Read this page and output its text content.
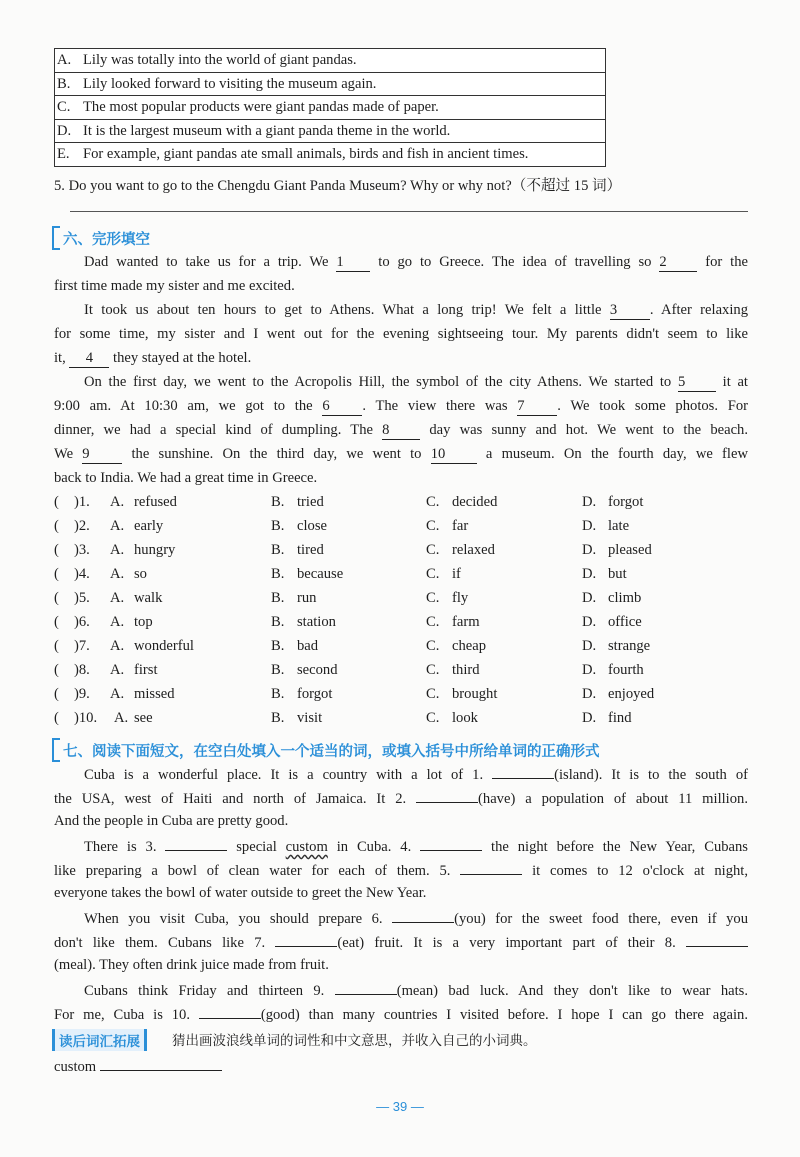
A. Lily was totally into the world of giant pandas.
B. Lily looked forward to visiting the museum again.
C. The most popular products were giant pandas made of paper.
D. It is the largest museum with a giant panda theme in the world.
E. For example, giant pandas ate small animals, birds and fish in ancient times.
5. Do you want to go to the Chengdu Giant Panda Museum? Why or why not?（不超过 15 词）
六、完形填空
Dad wanted to take us for a trip. We 1 to go to Greece. The idea of travelling so 2 for the
first time made my sister and me excited.
It took us about ten hours to get to Athens. What a long trip! We felt a little 3 . After relaxing
for some time, my sister and I went out for the evening sightseeing tour. My parents didn't seem to like
it, 4 they stayed at the hotel.
On the first day, we went to the Acropolis Hill, the symbol of the city Athens. We started to 5 it at
9:00 am. At 10:30 am, we got to the 6 . The view there was 7 . We took some photos. For
dinner, we had a special kind of dumpling. The 8 day was sunny and hot. We went to the beach.
We 9 the sunshine. On the third day, we went to 10 a museum. On the fourth day, we flew
back to India. We had a great time in Greece.
( )1. A. refused	B. tried	C. decided	D. forgot
( )2. A. early	B. close	C. far	D. late
( )3. A. hungry	B. tired	C. relaxed	D. pleased
( )4. A. so	B. because	C. if	D. but
( )5. A. walk	B. run	C. fly	D. climb
( )6. A. top	B. station	C. farm	D. office
( )7. A. wonderful	B. bad	C. cheap	D. strange
( )8. A. first	B. second	C. third	D. fourth
( )9. A. missed	B. forgot	C. brought	D. enjoyed
( )10. A. see	B. visit	C. look	D. find
七、阅读下面短文，在空白处填入一个适当的词，或填入括号中所给单词的正确形式
Cuba is a wonderful place. It is a country with a lot of 1.	(island). It is to the south of
the USA, west of Haiti and north of Jamaica. It 2.	(have) a population of about 11 million.
And the people in Cuba are pretty good.
There is 3.	special custom in Cuba. 4.	the night before the New Year, Cubans
like preparing a bowl of clean water for each of them. 5.	it comes to 12 o'clock at night,
everyone takes the bowl of water outside to greet the New Year.
When you visit Cuba, you should prepare 6.	(you) for the sweet food there, even if you
don't like them. Cubans like 7.	(eat) fruit. It is a very important part of their 8.
(meal). They often drink juice made from fruit.
Cubans think Friday and thirteen 9.	(mean) bad luck. And they don't like to wear hats.
For me, Cuba is 10.	(good) than many countries I visited before. I hope I can go there again.
读后词汇拓展	猜出画波浪线单词的词性和中文意思，并收入自己的小词典。
custom
— 39 —
